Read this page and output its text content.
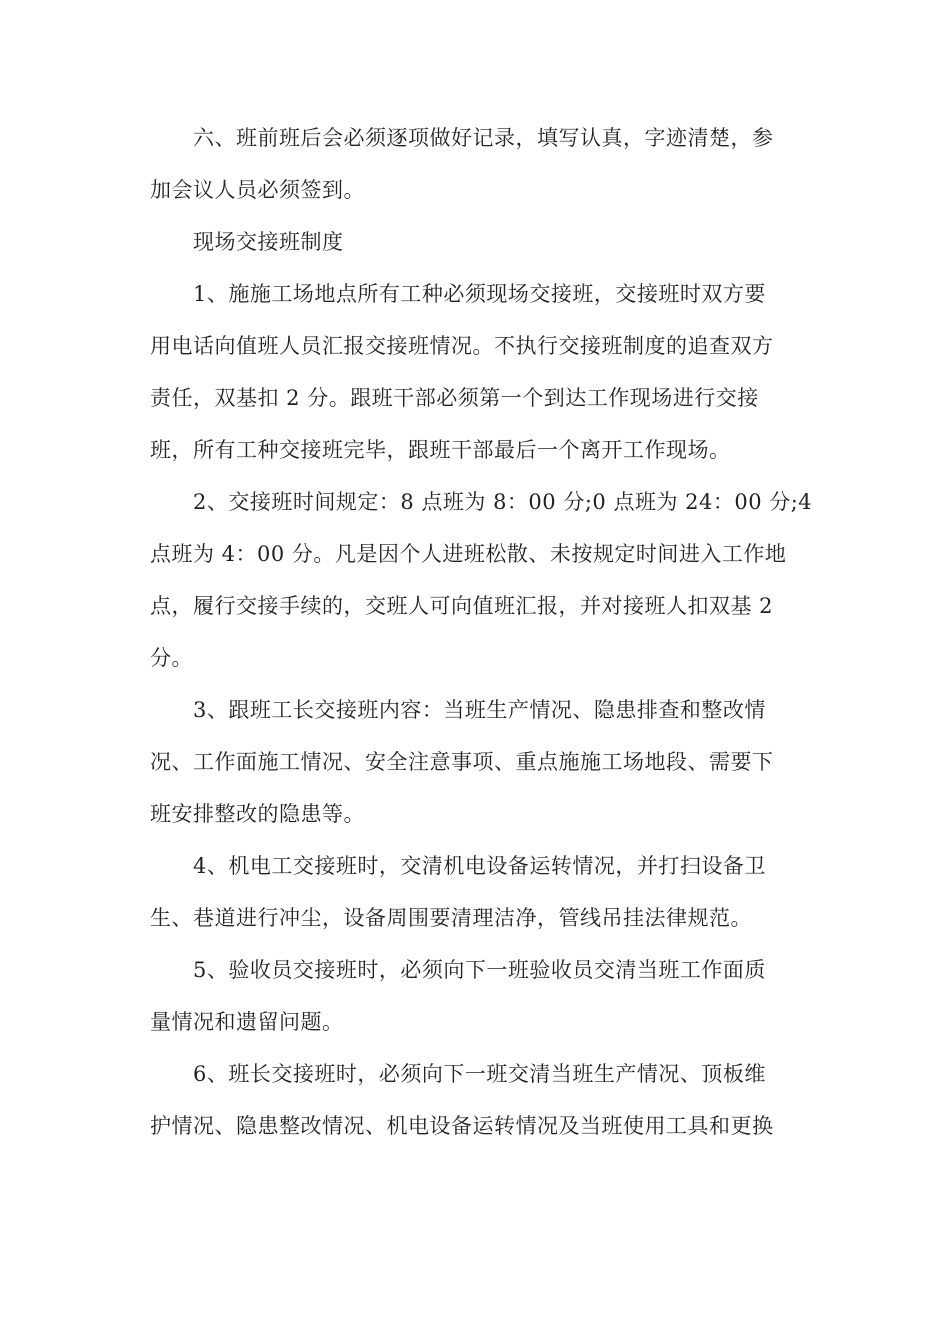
六、班前班后会必须逐项做好记录，填写认真，字迹清楚，参
加会议人员必须签到。
现场交接班制度
1、施施工场地点所有工种必须现场交接班，交接班时双方要
用电话向值班人员汇报交接班情况。不执行交接班制度的追查双方
责任，双基扣 2 分。跟班干部必须第一个到达工作现场进行交接
班，所有工种交接班完毕，跟班干部最后一个离开工作现场。
2、交接班时间规定：8 点班为 8：00 分;0 点班为 24：00 分;4
点班为 4：00 分。凡是因个人进班松散、未按规定时间进入工作地
点，履行交接手续的，交班人可向值班汇报，并对接班人扣双基 2
分。
3、跟班工长交接班内容：当班生产情况、隐患排查和整改情
况、工作面施工情况、安全注意事项、重点施施工场地段、需要下
班安排整改的隐患等。
4、机电工交接班时，交清机电设备运转情况，并打扫设备卫
生、巷道进行冲尘，设备周围要清理洁净，管线吊挂法律规范。
5、验收员交接班时，必须向下一班验收员交清当班工作面质
量情况和遗留问题。
6、班长交接班时，必须向下一班交清当班生产情况、顶板维
护情况、隐患整改情况、机电设备运转情况及当班使用工具和更换
